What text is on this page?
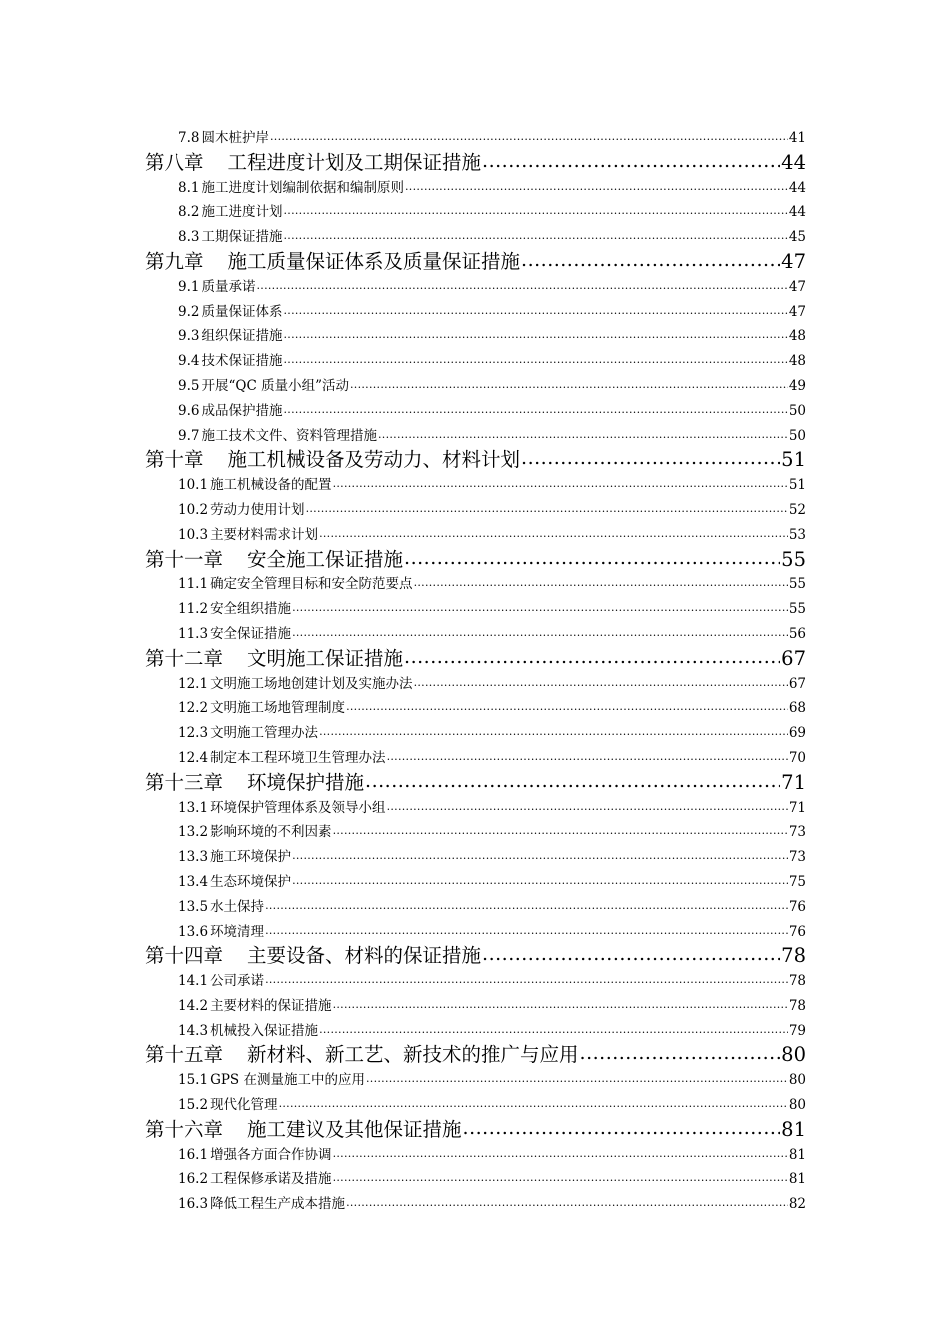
7.8 圆木桩护岸 .....	41
第八章 工程进度计划及工期保证措施 .....	44
8.1 施工进度计划编制依据和编制原则 .....	44
8.2 施工进度计划 .....	44
8.3 工期保证措施 .....	45
第九章 施工质量保证体系及质量保证措施 .....	47
9.1 质量承诺 .....	47
9.2 质量保证体系 .....	47
9.3 组织保证措施 .....	48
9.4 技术保证措施 .....	48
9.5 开展“QC 质量小组”活动 .....	49
9.6 成品保护措施 .....	50
9.7 施工技术文件、资料管理措施 .....	50
第十章 施工机械设备及劳动力、材料计划 .....	51
10.1 施工机械设备的配置 .....	51
10.2 劳动力使用计划 .....	52
10.3 主要材料需求计划 .....	53
第十一章 安全施工保证措施 .....	55
11.1 确定安全管理目标和安全防范要点 .....	55
11.2 安全组织措施 .....	55
11.3 安全保证措施 .....	56
第十二章 文明施工保证措施 .....	67
12.1 文明施工场地创建计划及实施办法 .....	67
12.2 文明施工场地管理制度 .....	68
12.3 文明施工管理办法 .....	69
12.4 制定本工程环境卫生管理办法 .....	70
第十三章 环境保护措施 .....	71
13.1 环境保护管理体系及领导小组 .....	71
13.2 影响环境的不利因素 .....	73
13.3 施工环境保护 .....	73
13.4 生态环境保护 .....	75
13.5 水土保持 .....	76
13.6 环境清理 .....	76
第十四章 主要设备、材料的保证措施 .....	78
14.1 公司承诺 .....	78
14.2 主要材料的保证措施 .....	78
14.3 机械投入保证措施 .....	79
第十五章 新材料、新工艺、新技术的推广与应用 .....	80
15.1 GPS 在测量施工中的应用 .....	80
15.2 现代化管理 .....	80
第十六章 施工建议及其他保证措施 .....	81
16.1 增强各方面合作协调 .....	81
16.2 工程保修承诺及措施 .....	81
16.3 降低工程生产成本措施 .....	82
